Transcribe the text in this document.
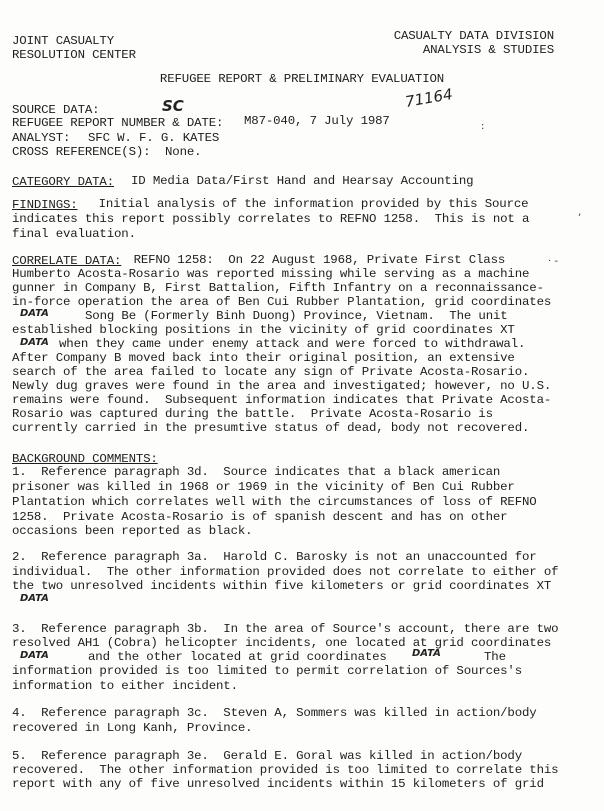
JOINT CASUALTY
RESOLUTION CENTER
CASUALTY DATA DIVISION
ANALYSIS & STUDIES
REFUGEE REPORT & PRELIMINARY EVALUATION
SOURCE DATA:	SC	71164
REFUGEE REPORT NUMBER & DATE: M87-040, 7 July 1987
ANALYST: SFC W. F. G. KATES
CROSS REFERENCE(S): None.
:
CATEGORY DATA: ID Media Data/First Hand and Hearsay Accounting
FINDINGS: Initial analysis of the information provided by this Source
indicates this report possibly correlates to REFNO 1258.  This is not a
final evaluation.
,
CORRELATE DATA:
REFNO 1258:  On 22 August 1968, Private First Class
Humberto Acosta-Rosario was reported missing while serving as a machine
gunner in Company B, First Battalion, Fifth Infantry on a reconnaissance-
in-force operation the area of Ben Cui Rubber Plantation, grid coordinates
DATA	Song Be (Formerly Binh Duong) Province, Vietnam.  The unit
established blocking positions in the vicinity of grid coordinates XT
DATA when they came under enemy attack and were forced to withdrawal.
After Company B moved back into their original position, an extensive
search of the area failed to locate any sign of Private Acosta-Rosario.
Newly dug graves were found in the area and investigated; however, no U.S.
remains were found.  Subsequent information indicates that Private Acosta-
Rosario was captured during the battle.  Private Acosta-Rosario is
currently carried in the presumtive status of dead, body not recovered.
· -
BACKGROUND COMMENTS:
1.  Reference paragraph 3d.  Source indicates that a black american
prisoner was killed in 1968 or 1969 in the vicinity of Ben Cui Rubber
Plantation which correlates well with the circumstances of loss of REFNO
1258.  Private Acosta-Rosario is of spanish descent and has on other
occasions been reported as black.
2.  Reference paragraph 3a.  Harold C. Barosky is not an unaccounted for
individual.  The other information provided does not correlate to either of
the two unresolved incidents within five kilometers or grid coordinates XT
DATA
3.  Reference paragraph 3b.  In the area of Source's account, there are two
resolved AH1 (Cobra) helicopter incidents, one located at grid coordinates
DATA	and the other located at grid coordinates	DATA	The
information provided is too limited to permit correlation of Sources's
information to either incident.
4.  Reference paragraph 3c.  Steven A, Sommers was killed in action/body
recovered in Long Kanh, Province.
5.  Reference paragraph 3e.  Gerald E. Goral was killed in action/body
recovered.  The other information provided is too limited to correlate this
report with any of five unresolved incidents within 15 kilometers of grid
